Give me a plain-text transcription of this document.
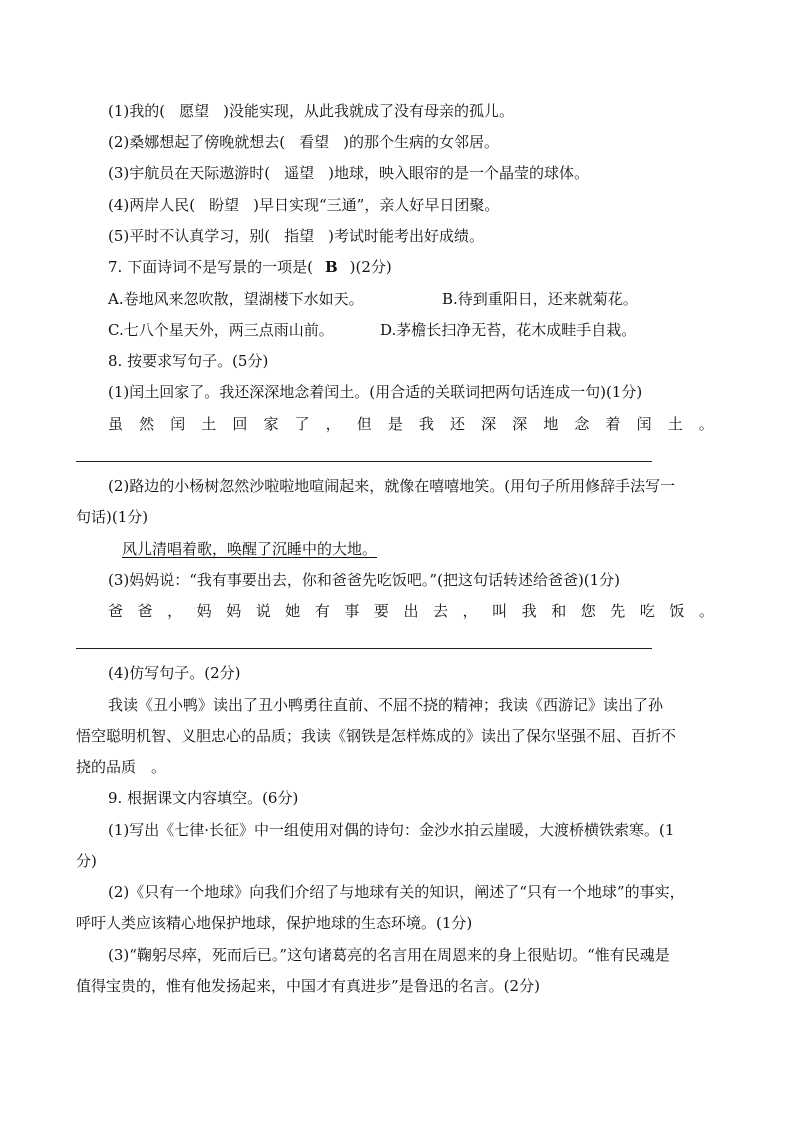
(1)我的( 愿望 )没能实现，从此我就成了没有母亲的孤儿。
(2)桑娜想起了傍晚就想去( 看望 )的那个生病的女邻居。
(3)宇航员在天际遨游时( 遥望 )地球，映入眼帘的是一个晶莹的球体。
(4)两岸人民( 盼望 )早日实现“三通”，亲人好早日团聚。
(5)平时不认真学习，别( 指望 )考试时能考出好成绩。
7. 下面诗词不是写景的一项是( B )(2分)
A.卷地风来忽吹散，望湖楼下水如天。	B.待到重阳日，还来就菊花。
C.七八个星天外，两三点雨山前。	D.茅檐长扫净无苔，花木成畦手自栽。
8. 按要求写句子。(5分)
(1)闰土回家了。我还深深地念着闰土。(用合适的关联词把两句话连成一句)(1分)
虽 然 闰 土 回 家 了 ， 但 是 我 还 深 深 地 念 着 闰 土 。
(2)路边的小杨树忽然沙啦啦地喧闹起来，就像在嘻嘻地笑。(用句子所用修辞手法写一
句话)(1分)
风儿清唱着歌，唤醒了沉睡中的大地。
(3)妈妈说：“我有事要出去，你和爸爸先吃饭吧。”(把这句话转述给爸爸)(1分)
爸 爸 ， 妈 妈 说 她 有 事 要 出 去 ， 叫 我 和 您 先 吃 饭 。
(4)仿写句子。(2分)
我读《丑小鸭》读出了丑小鸭勇往直前、不屈不挠的精神；我读《西游记》读出了孙
悟空聪明机智、义胆忠心的品质；我读《钢铁是怎样炼成的》读出了保尔坚强不屈、百折不
挠的品质　。
9. 根据课文内容填空。(6分)
(1)写出《七律·长征》中一组使用对偶的诗句：金沙水拍云崖暖，大渡桥横铁索寒。(1
分)
(2)《只有一个地球》向我们介绍了与地球有关的知识，阐述了“只有一个地球”的事实，
呼吁人类应该精心地保护地球，保护地球的生态环境。(1分)
(3)“鞠躬尽瘁，死而后已。”这句诸葛亮的名言用在周恩来的身上很贴切。“惟有民魂是
值得宝贵的，惟有他发扬起来，中国才有真进步”是鲁迅的名言。(2分)
